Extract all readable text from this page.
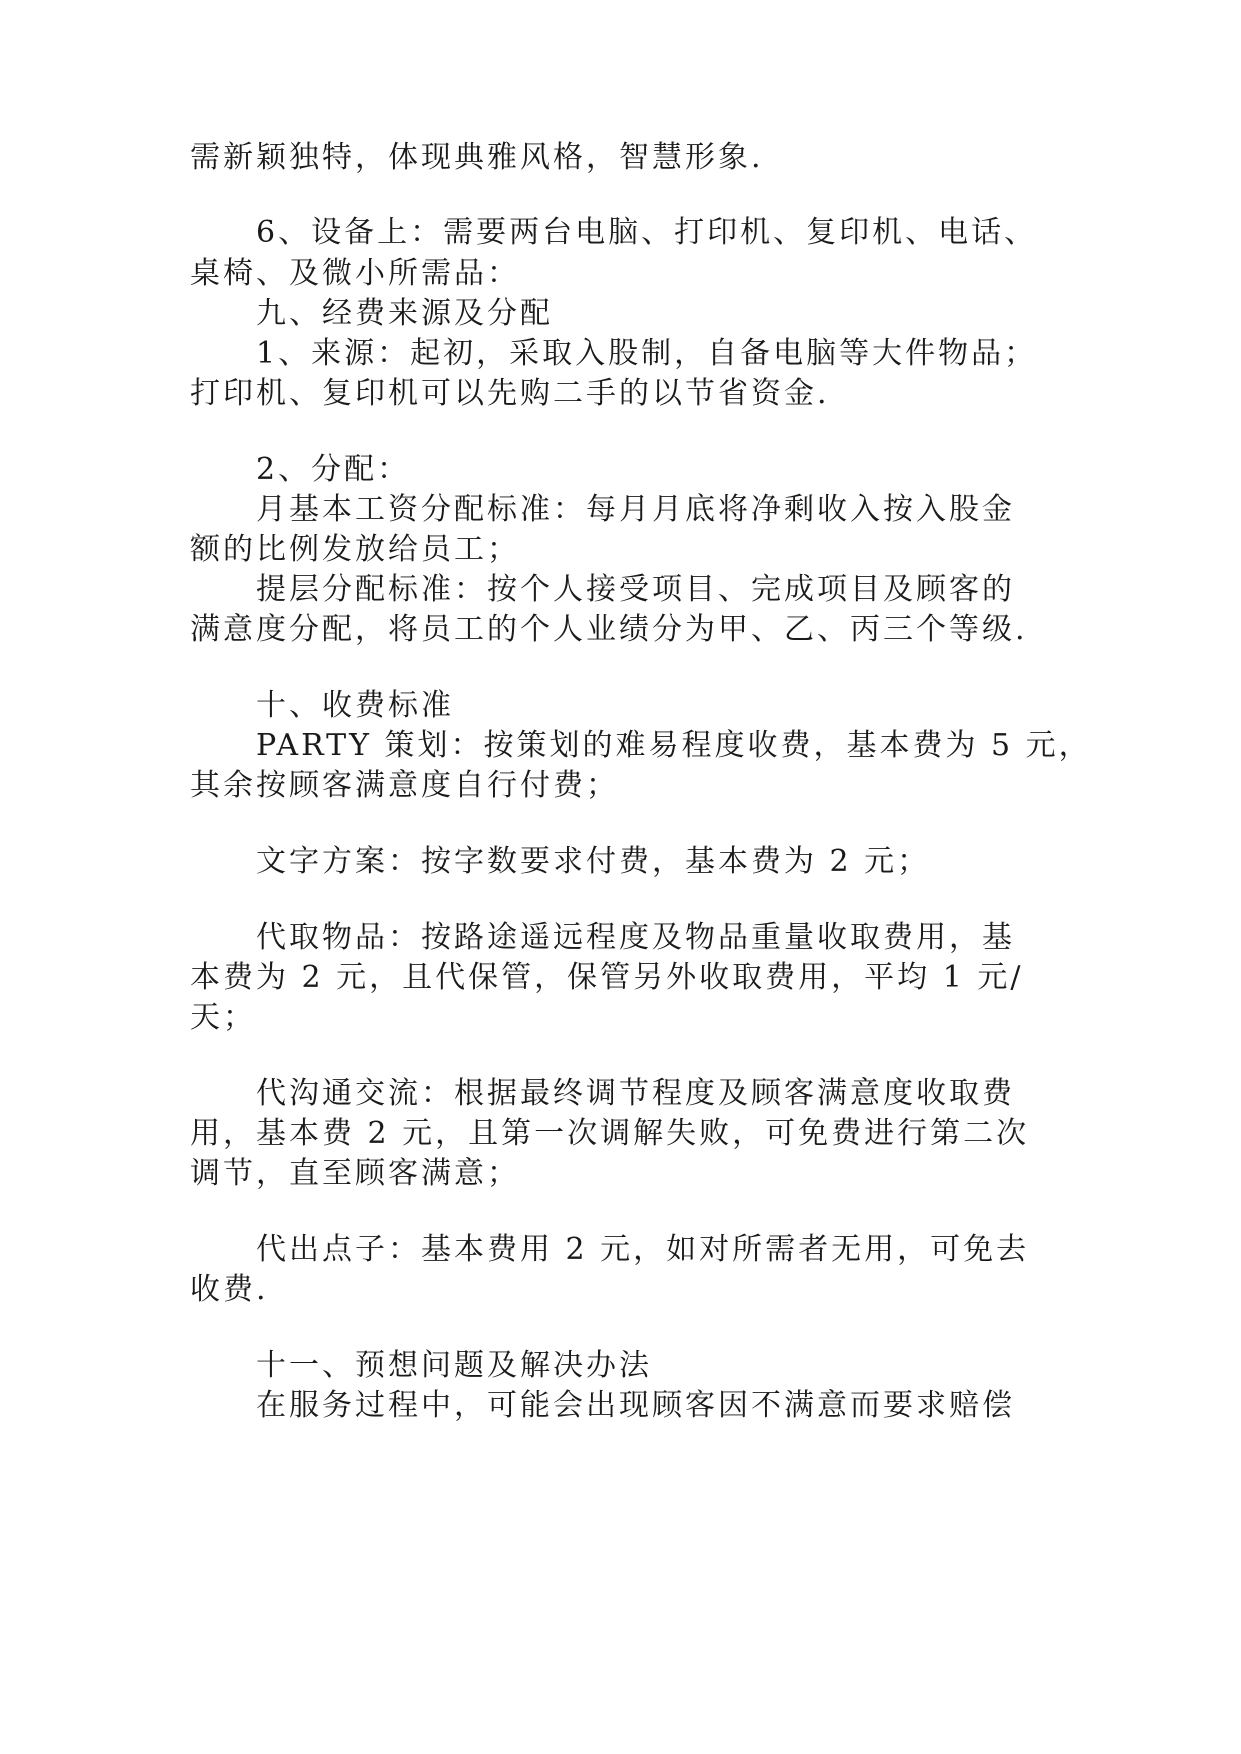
需新颖独特，体现典雅风格，智慧形象.
6、设备上：需要两台电脑、打印机、复印机、电话、
桌椅、及微小所需品：
九、经费来源及分配
1、来源：起初，采取入股制，自备电脑等大件物品；
打印机、复印机可以先购二手的以节省资金.
2、分配：
月基本工资分配标准：每月月底将净剩收入按入股金
额的比例发放给员工；
提层分配标准：按个人接受项目、完成项目及顾客的
满意度分配，将员工的个人业绩分为甲、乙、丙三个等级.
十、收费标准
PARTY 策划：按策划的难易程度收费，基本费为 5 元，
其余按顾客满意度自行付费；
文字方案：按字数要求付费，基本费为 2 元；
代取物品：按路途遥远程度及物品重量收取费用，基
本费为 2 元，且代保管，保管另外收取费用，平均 1 元/
天；
代沟通交流：根据最终调节程度及顾客满意度收取费
用，基本费 2 元，且第一次调解失败，可免费进行第二次
调节，直至顾客满意；
代出点子：基本费用 2 元，如对所需者无用，可免去
收费.
十一、预想问题及解决办法
在服务过程中，可能会出现顾客因不满意而要求赔偿
